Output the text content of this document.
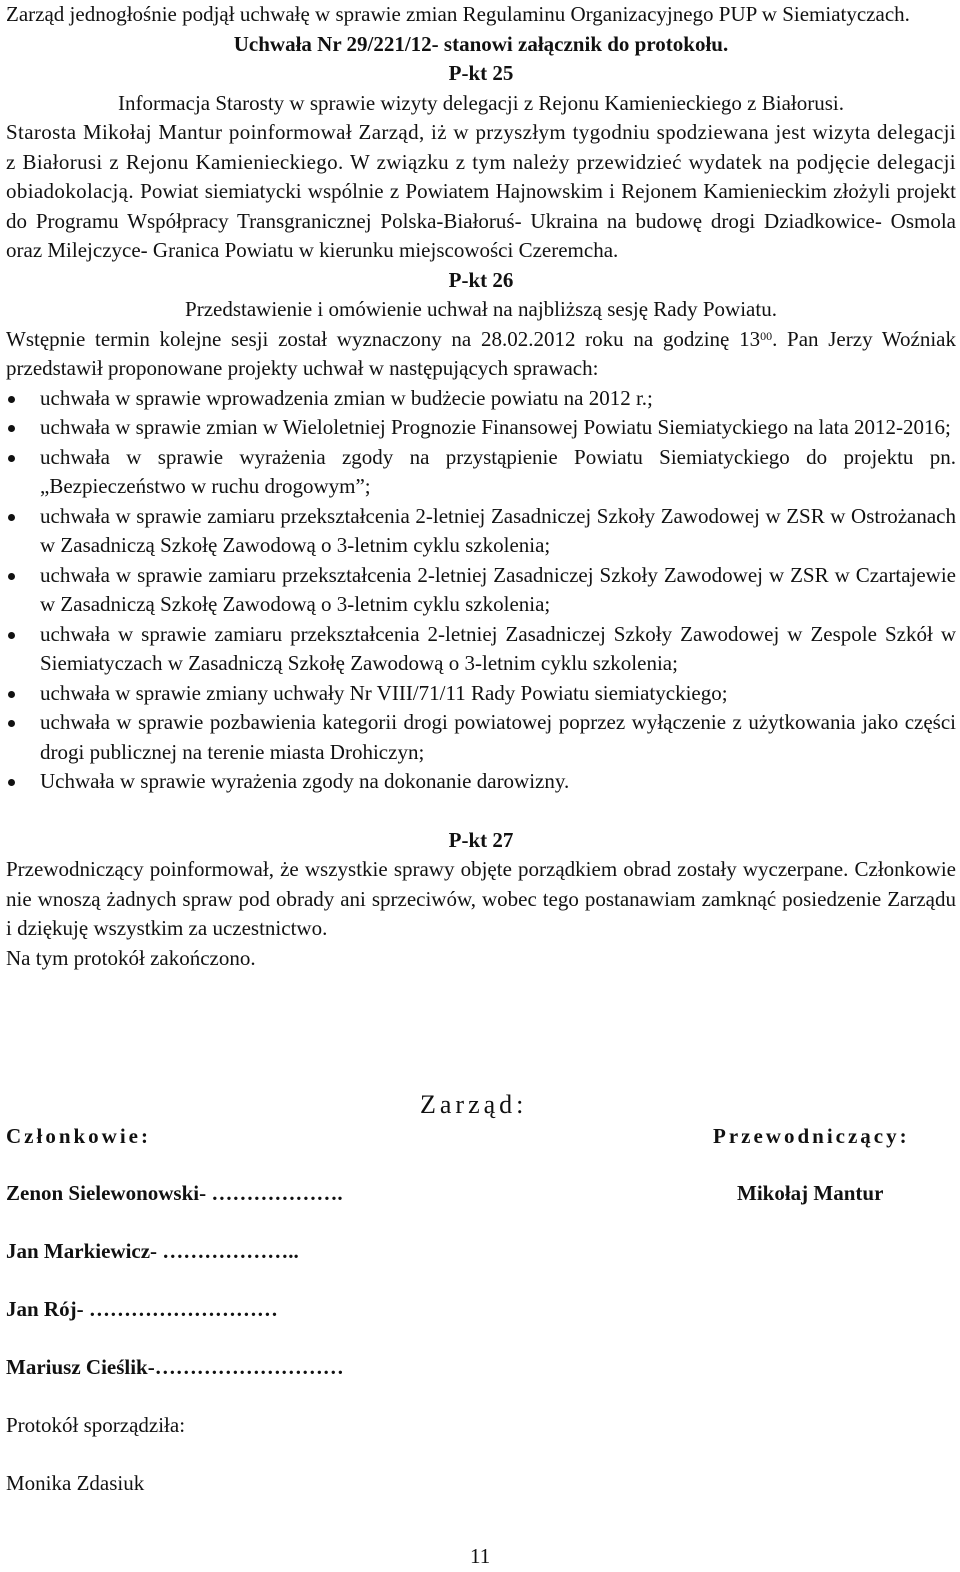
Zarząd jednogłośnie podjął uchwałę w sprawie zmian Regulaminu Organizacyjnego PUP w Siemiatyczach.

Uchwała Nr 29/221/12- stanowi załącznik do protokołu.

P-kt 25

Informacja Starosty w sprawie wizyty delegacji z Rejonu Kamienieckiego z Białorusi.

Starosta Mikołaj Mantur poinformował Zarząd, iż w przyszłym tygodniu spodziewana jest wizyta delegacji z Białorusi z Rejonu Kamienieckiego. W związku z tym należy przewidzieć wydatek na podjęcie delegacji obiadokolacją. Powiat siemiatycki wspólnie z Powiatem Hajnowskim i Rejonem Kamienieckim złożyli projekt do Programu Współpracy Transgranicznej Polska-Białoruś- Ukraina na budowę drogi Dziadkowice- Osmola oraz Milejczyce- Granica Powiatu w kierunku miejscowości Czeremcha.

P-kt 26

Przedstawienie i omówienie uchwał na najbliższą sesję Rady Powiatu.

Wstępnie termin kolejne sesji został wyznaczony na 28.02.2012 roku na godzinę $13^{00}$. Pan Jerzy Woźniak przedstawił proponowane projekty uchwał w następujących sprawach:

uchwała w sprawie wprowadzenia zmian w budżecie powiatu na 2012 r.;
uchwała w sprawie zmian w Wieloletniej Prognozie Finansowej Powiatu Siemiatyckiego na lata 2012-2016;
uchwała w sprawie wyrażenia zgody na przystąpienie Powiatu Siemiatyckiego do projektu pn. „Bezpieczeństwo w ruchu drogowym”;
uchwała w sprawie zamiaru przekształcenia 2-letniej Zasadniczej Szkoły Zawodowej w ZSR w Ostrożanach w Zasadniczą Szkołę Zawodową o 3-letnim cyklu szkolenia;
uchwała w sprawie zamiaru przekształcenia 2-letniej Zasadniczej Szkoły Zawodowej w ZSR w Czartajewie w Zasadniczą Szkołę Zawodową o 3-letnim cyklu szkolenia;
uchwała w sprawie zamiaru przekształcenia 2-letniej Zasadniczej Szkoły Zawodowej w Zespole Szkół w Siemiatyczach w Zasadniczą Szkołę Zawodową o 3-letnim cyklu szkolenia;
uchwała w sprawie zmiany uchwały Nr VIII/71/11 Rady Powiatu siemiatyckiego;
uchwała w sprawie pozbawienia kategorii drogi powiatowej poprzez wyłączenie z użytkowania jako części drogi publicznej na terenie miasta Drohiczyn;
Uchwała w sprawie wyrażenia zgody na dokonanie darowizny.

P-kt 27

Przewodniczący poinformował, że wszystkie sprawy objęte porządkiem obrad zostały wyczerpane. Członkowie nie wnoszą żadnych spraw pod obrady ani sprzeciwów, wobec tego postanawiam zamknąć posiedzenie Zarządu i dziękuję wszystkim za uczestnictwo.

Na tym protokół zakończono.

Zarząd:
Członkowie:	Przewodniczący:
Zenon Sielewonowski- ……………….	Mikołaj Mantur
Jan Markiewicz- ………………..
Jan Rój- ………………………
Mariusz Cieślik-………………………
Protokół sporządziła:
Monika Zdasiuk
11
